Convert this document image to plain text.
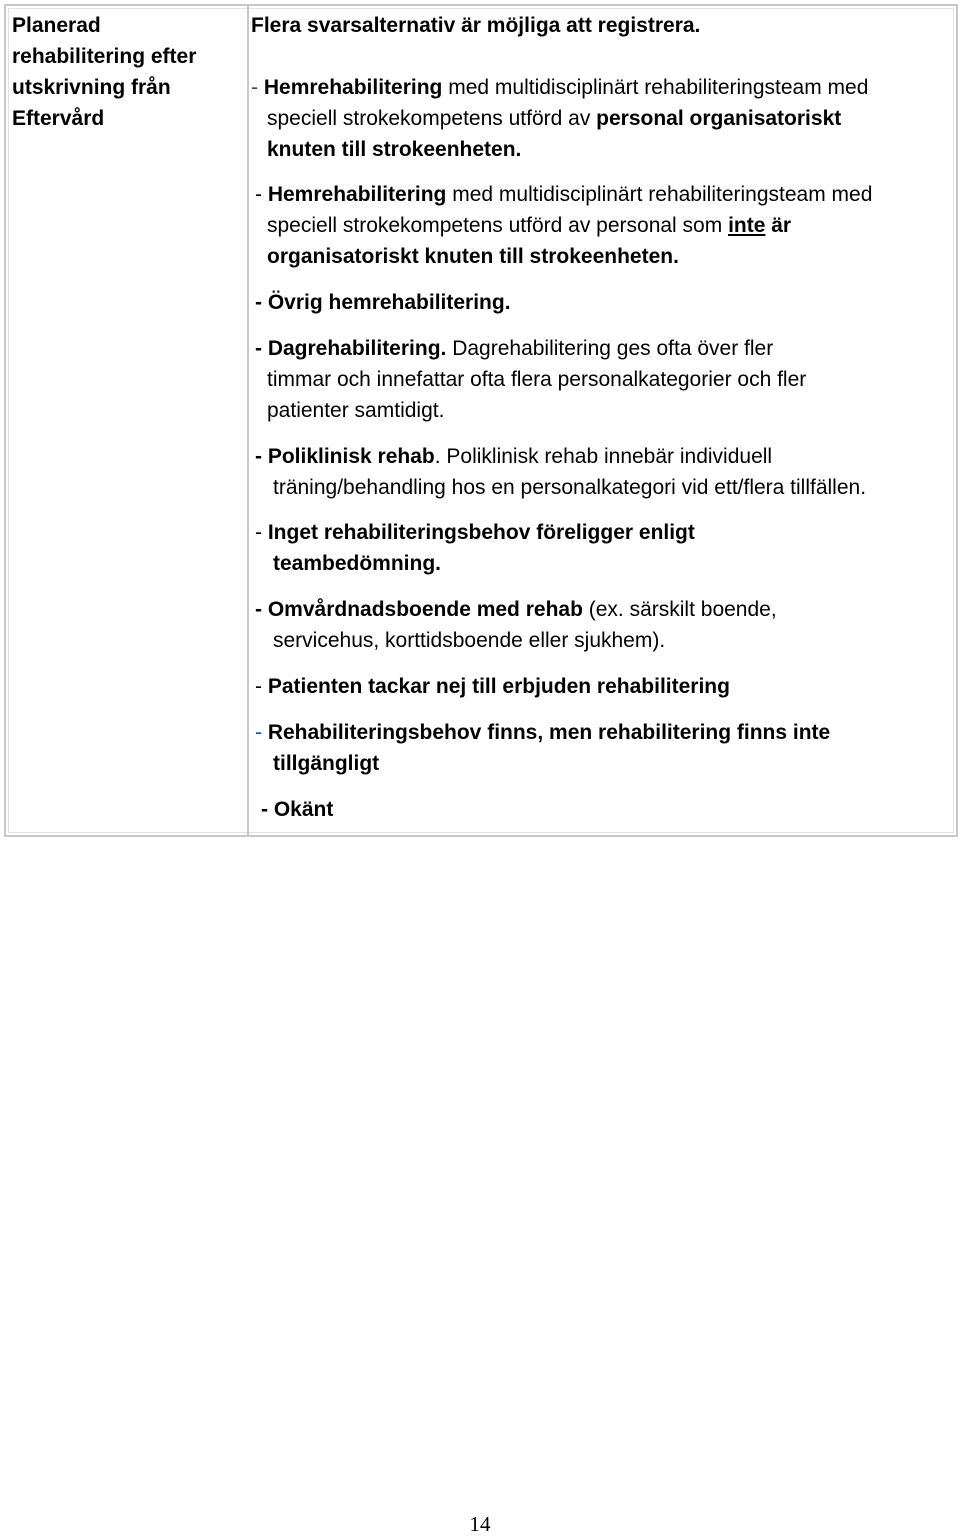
Planerad
rehabilitering efter
utskrivning från
Eftervård
Flera svarsalternativ är möjliga att registrera.
- Hemrehabilitering med multidisciplinärt rehabiliteringsteam med
speciell strokekompetens utförd av personal organisatoriskt
knuten till strokeenheten.
- Hemrehabilitering med multidisciplinärt rehabiliteringsteam med
speciell strokekompetens utförd av personal som inte är
organisatoriskt knuten till strokeenheten.
- Övrig hemrehabilitering.
- Dagrehabilitering. Dagrehabilitering ges ofta över fler
timmar och innefattar ofta flera personalkategorier och fler
patienter samtidigt.
- Poliklinisk rehab. Poliklinisk rehab innebär individuell
träning/behandling hos en personalkategori vid ett/flera tillfällen.
- Inget rehabiliteringsbehov föreligger enligt
teambedömning.
- Omvårdnadsboende med rehab (ex. särskilt boende,
servicehus, korttidsboende eller sjukhem).
- Patienten tackar nej till erbjuden rehabilitering
- Rehabiliteringsbehov finns, men rehabilitering finns inte
tillgängligt
- Okänt
14
